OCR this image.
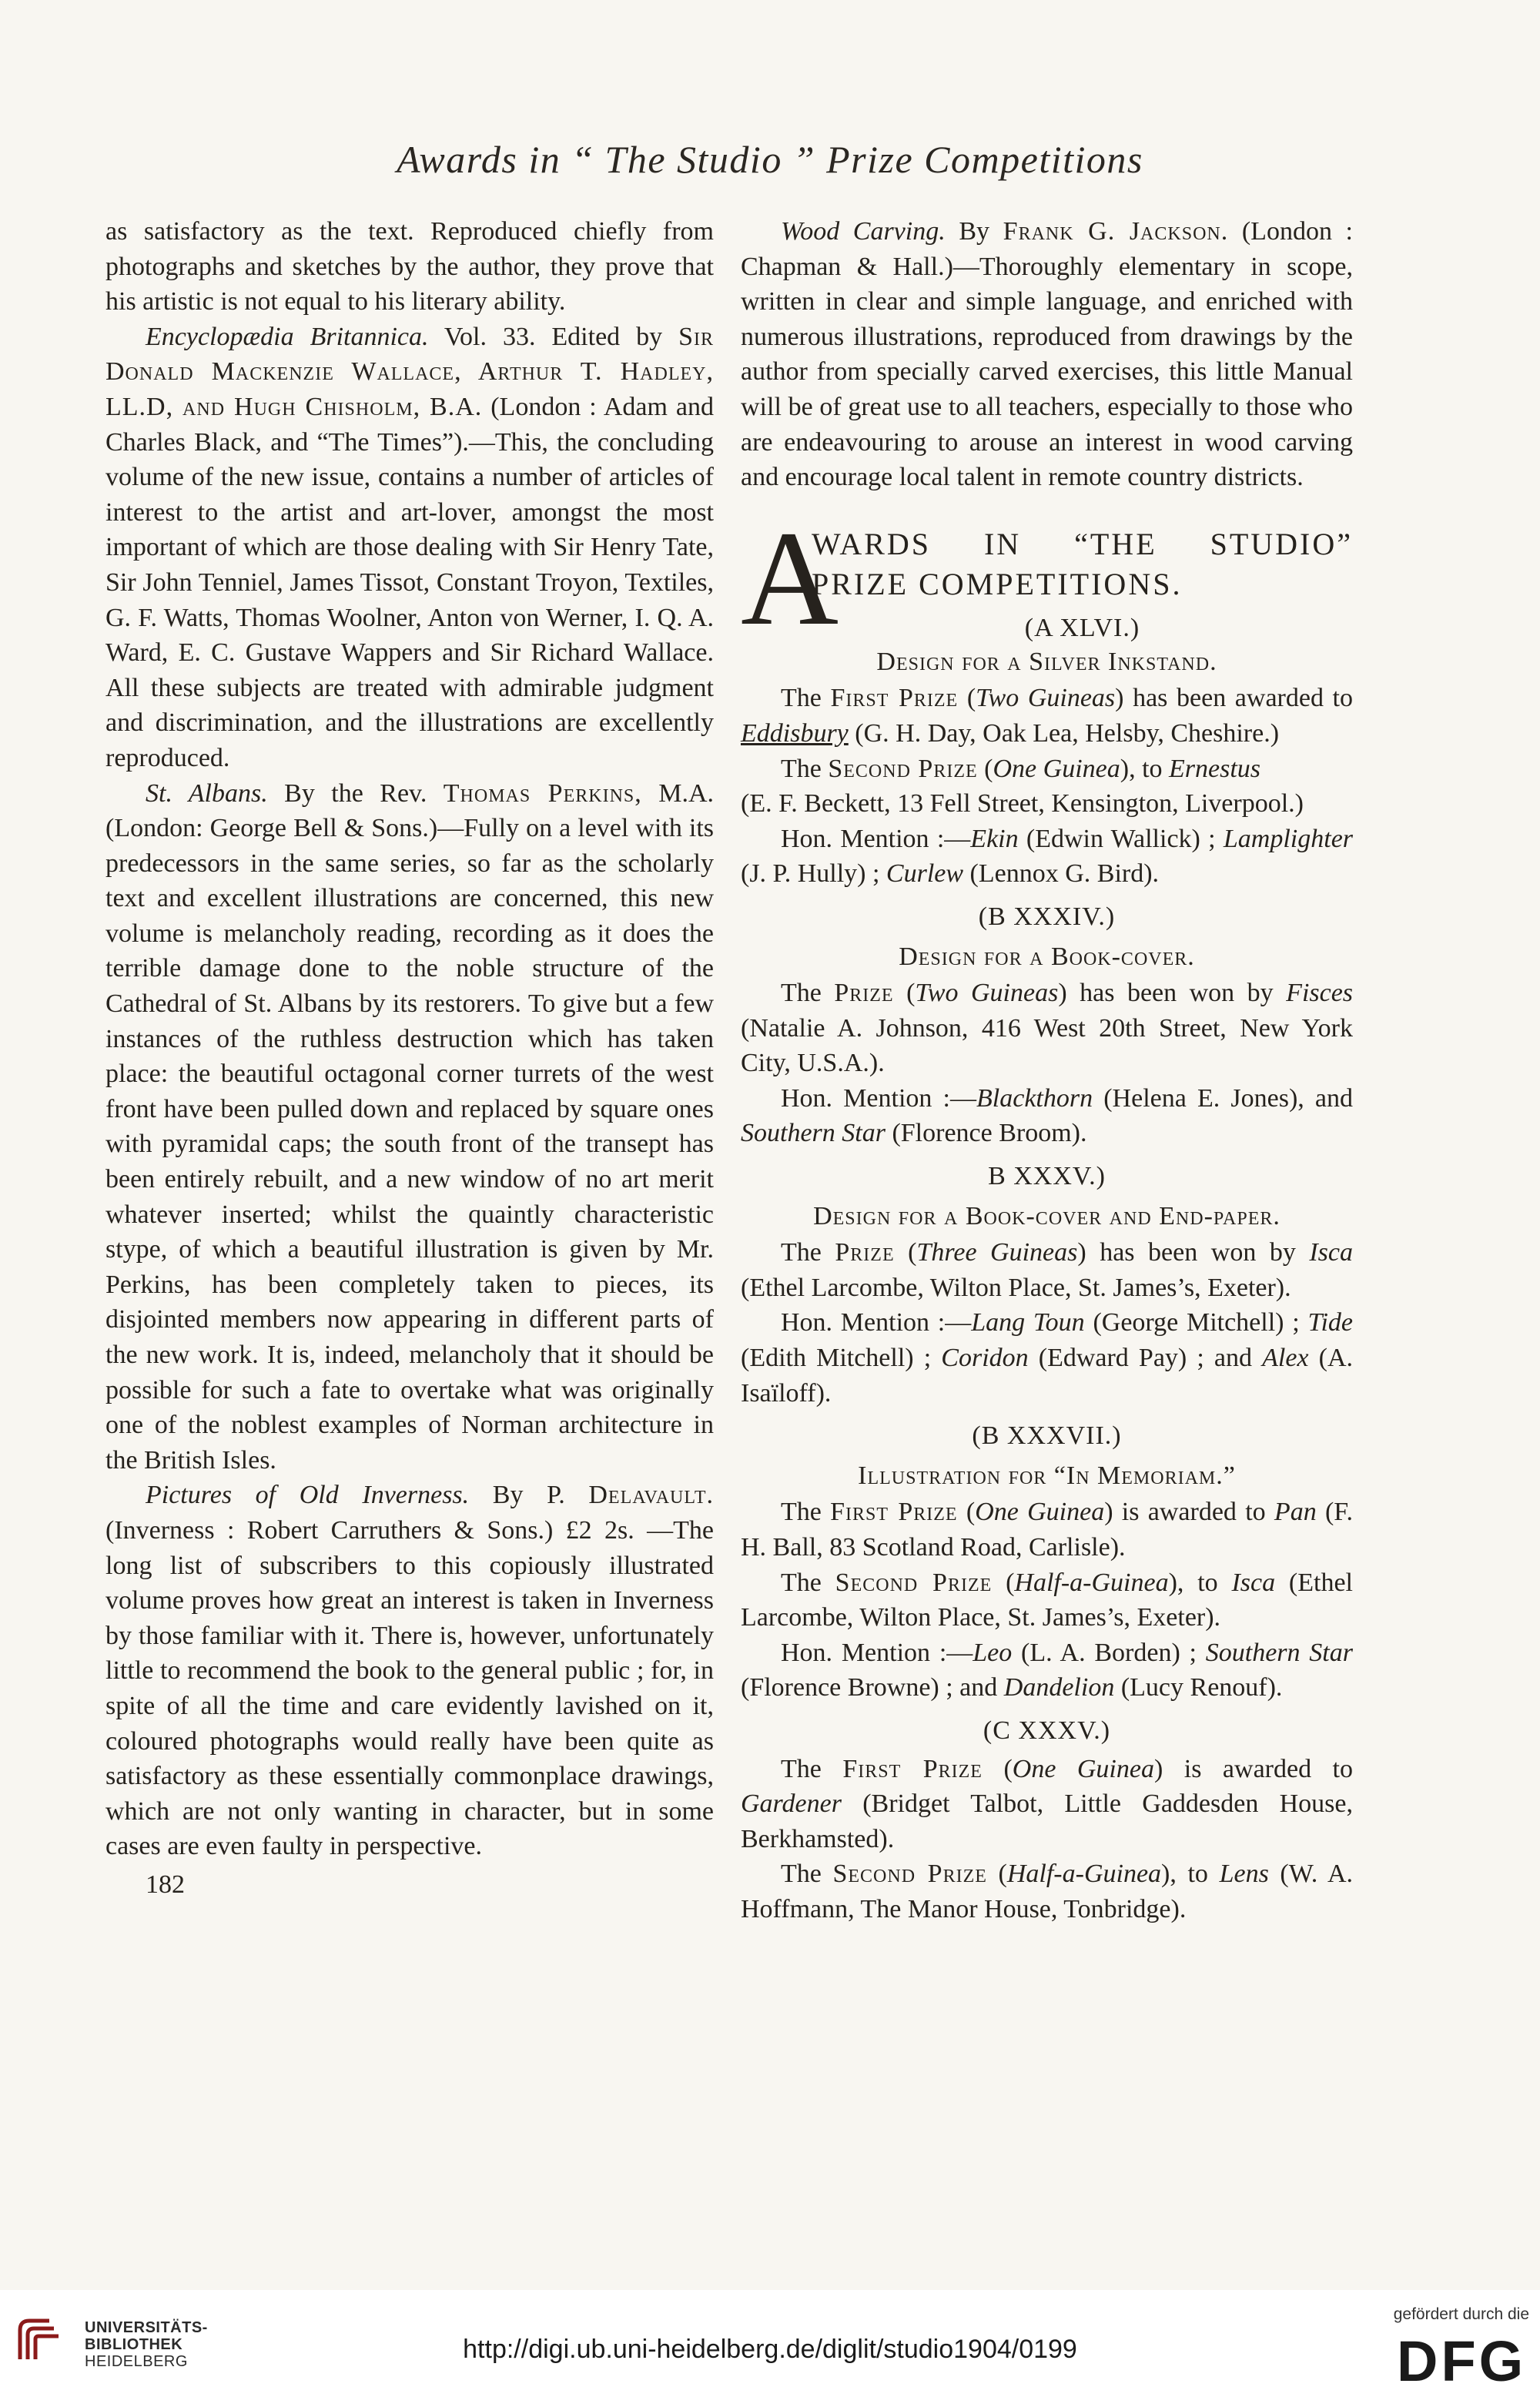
Awards in “ The Studio ” Prize Competitions

as satisfactory as the text. Reproduced chiefly from photographs and sketches by the author, they prove that his artistic is not equal to his literary ability.

Encyclopædia Britannica. Vol. 33. Edited by Sir Donald Mackenzie Wallace, Arthur T. Hadley, LL.D, and Hugh Chisholm, B.A. (London : Adam and Charles Black, and “The Times”).—This, the concluding volume of the new issue, contains a number of articles of interest to the artist and art-lover, amongst the most important of which are those dealing with Sir Henry Tate, Sir John Tenniel, James Tissot, Constant Troyon, Textiles, G. F. Watts, Thomas Woolner, Anton von Werner, I. Q. A. Ward, E. C. Gustave Wappers and Sir Richard Wallace. All these subjects are treated with admirable judgment and discrimination, and the illustrations are excellently reproduced.

St. Albans. By the Rev. Thomas Perkins, M.A. (London: George Bell & Sons.)—Fully on a level with its predecessors in the same series, so far as the scholarly text and excellent illustrations are concerned, this new volume is melancholy reading, recording as it does the terrible damage done to the noble structure of the Cathedral of St. Albans by its restorers. To give but a few instances of the ruthless destruction which has taken place: the beautiful octagonal corner turrets of the west front have been pulled down and replaced by square ones with pyramidal caps; the south front of the transept has been entirely rebuilt, and a new window of no art merit whatever inserted; whilst the quaintly characteristic stype, of which a beautiful illustration is given by Mr. Perkins, has been completely taken to pieces, its disjointed members now appearing in different parts of the new work. It is, indeed, melancholy that it should be possible for such a fate to overtake what was originally one of the noblest examples of Norman architecture in the British Isles.

Pictures of Old Inverness. By P. Delavault. (Inverness : Robert Carruthers & Sons.) £2 2s. —The long list of subscribers to this copiously illustrated volume proves how great an interest is taken in Inverness by those familiar with it. There is, however, unfortunately little to recommend the book to the general public ; for, in spite of all the time and care evidently lavished on it, coloured photographs would really have been quite as satisfactory as these essentially commonplace drawings, which are not only wanting in character, but in some cases are even faulty in perspective.

182

Wood Carving. By Frank G. Jackson. (London : Chapman & Hall.)—Thoroughly elementary in scope, written in clear and simple language, and enriched with numerous illustrations, reproduced from drawings by the author from specially carved exercises, this little Manual will be of great use to all teachers, especially to those who are endeavouring to arouse an interest in wood carving and encourage local talent in remote country districts.

A
WARDS IN “THE STUDIO”
PRIZE COMPETITIONS.
(A XLVI.)

Design for a Silver Inkstand.

The First Prize (Two Guineas) has been awarded to Eddisbury (G. H. Day, Oak Lea, Helsby, Cheshire.)

The Second Prize (One Guinea), to Ernestus
(E. F. Beckett, 13 Fell Street, Kensington, Liverpool.)

Hon. Mention :—Ekin (Edwin Wallick) ; Lamplighter (J. P. Hully) ; Curlew (Lennox G. Bird).

(B XXXIV.)

Design for a Book-cover.

The Prize (Two Guineas) has been won by Fisces (Natalie A. Johnson, 416 West 20th Street, New York City, U.S.A.).

Hon. Mention :—Blackthorn (Helena E. Jones), and Southern Star (Florence Broom).

B XXXV.)

Design for a Book-cover and End-paper.

The Prize (Three Guineas) has been won by Isca (Ethel Larcombe, Wilton Place, St. James’s, Exeter).

Hon. Mention :—Lang Toun (George Mitchell) ; Tide (Edith Mitchell) ; Coridon (Edward Pay) ; and Alex (A. Isaïloff).

(B XXXVII.)

Illustration for “In Memoriam.”

The First Prize (One Guinea) is awarded to Pan (F. H. Ball, 83 Scotland Road, Carlisle).

The Second Prize (Half-a-Guinea), to Isca (Ethel Larcombe, Wilton Place, St. James’s, Exeter).

Hon. Mention :—Leo (L. A. Borden) ; Southern Star (Florence Browne) ; and Dandelion (Lucy Renouf).

(C XXXV.)

The First Prize (One Guinea) is awarded to Gardener (Bridget Talbot, Little Gaddesden House, Berkhamsted).

The Second Prize (Half-a-Guinea), to Lens (W. A. Hoffmann, The Manor House, Tonbridge).

UNIVERSITÄTS-
BIBLIOTHEK
HEIDELBERG	http://digi.ub.uni-heidelberg.de/diglit/studio1904/0199
gefördert durch die
DFG
